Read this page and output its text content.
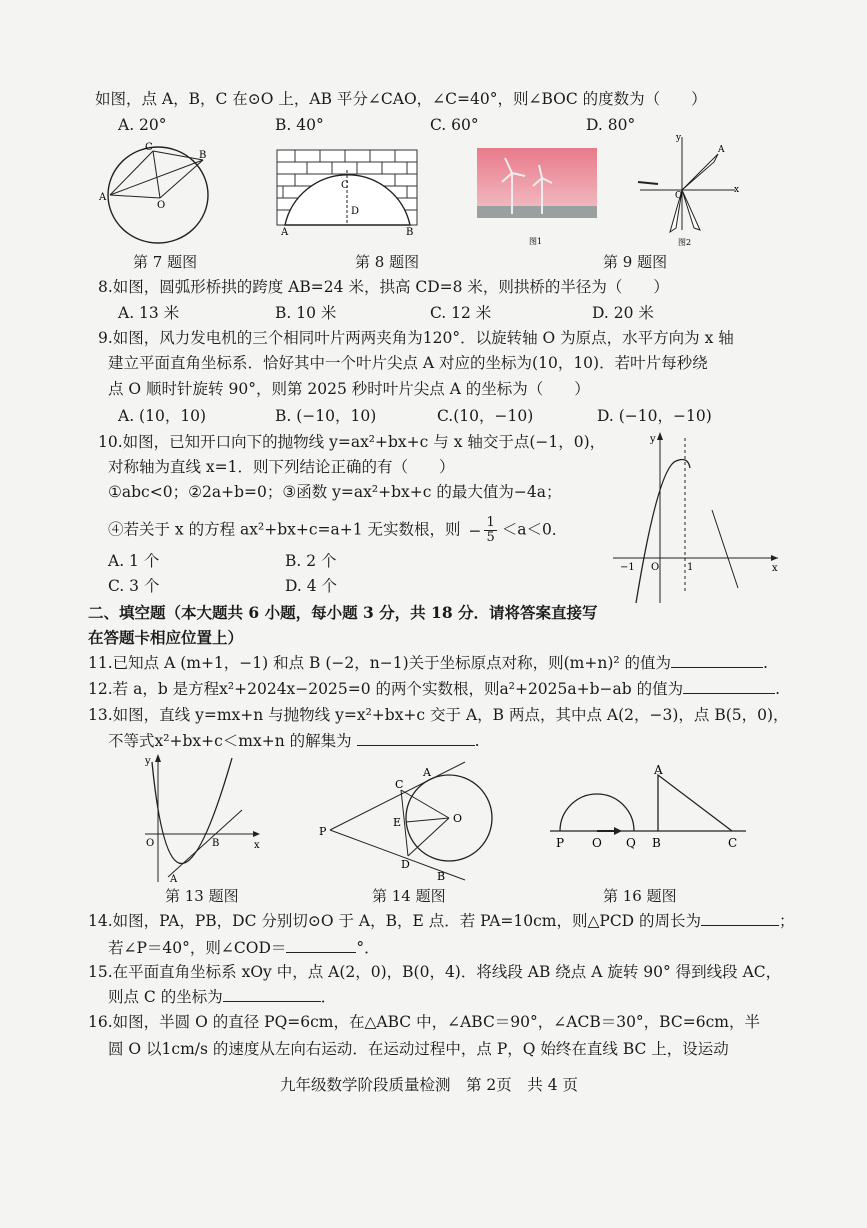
如图，点 A，B，C 在⊙O 上，AB 平分∠CAO，∠C=40°，则∠BOC 的度数为（　　）
A. 20°	B. 40°	C. 60°	D. 80°
C
B
A
O
C
D
A	B
图1
A
O
x
y
图2
第 7 题图	第 8 题图	第 9 题图
8.如图，圆弧形桥拱的跨度 AB=24 米，拱高 CD=8 米，则拱桥的半径为（　　）
A. 13 米	B. 10 米	C. 12 米	D. 20 米
9.如图，风力发电机的三个相同叶片两两夹角为120°．以旋转轴 O 为原点，水平方向为 x 轴
建立平面直角坐标系．恰好其中一个叶片尖点 A 对应的坐标为(10，10)．若叶片每秒绕
点 O 顺时针旋转 90°，则第 2025 秒时叶片尖点 A 的坐标为（　　）
A. (10，10)	B. (−10，10)	C.(10，−10)	D. (−10，−10)
10.如图，已知开口向下的抛物线 y=ax²+bx+c 与 x 轴交于点(−1，0)，
对称轴为直线 x=1．则下列结论正确的有（　　）
①abc<0；②2a+b=0；③函数 y=ax²+bx+c 的最大值为−4a；
④若关于 x 的方程 ax²+bx+c=a+1 无实数根，则 − $\frac{1}{5} <a<0$．
A. 1 个	B. 2 个
C. 3 个	D. 4 个
y
x
−1 O	1
二、填空题（本大题共 6 小题，每小题 3 分，共 18 分．请将答案直接写
在答题卡相应位置上）
11.已知点 A (m+1，−1) 和点 B (−2，n−1)关于坐标原点对称，则(m+n)² 的值为	.
12.若 a，b 是方程x²+2024x−2025=0 的两个实数根，则a²+2025a+b−ab 的值为	.
13.如图，直线 y=mx+n 与抛物线 y=x²+bx+c 交于 A，B 两点，其中点 A(2，−3)，点 B(5，0)，
不等式x²+bx+c＜mx+n 的解集为	.
y
x
O	B
A
P
C
A
E	O
D
B
P O Q B	C
A
第 13 题图	第 14 题图	第 16 题图
14.如图，PA，PB，DC 分别切⊙O 于 A，B，E 点．若 PA=10cm，则△PCD 的周长为	；
若∠P＝40°，则∠COD＝	°．
15.在平面直角坐标系 xOy 中，点 A(2，0)，B(0，4)．将线段 AB 绕点 A 旋转 90° 得到线段 AC，
则点 C 的坐标为	．
16.如图，半圆 O 的直径 PQ=6cm，在△ABC 中，∠ABC＝90°，∠ACB＝30°，BC=6cm，半
圆 O 以1cm/s 的速度从左向右运动．在运动过程中，点 P，Q 始终在直线 BC 上，设运动
九年级数学阶段质量检测　第 2页　共 4 页
